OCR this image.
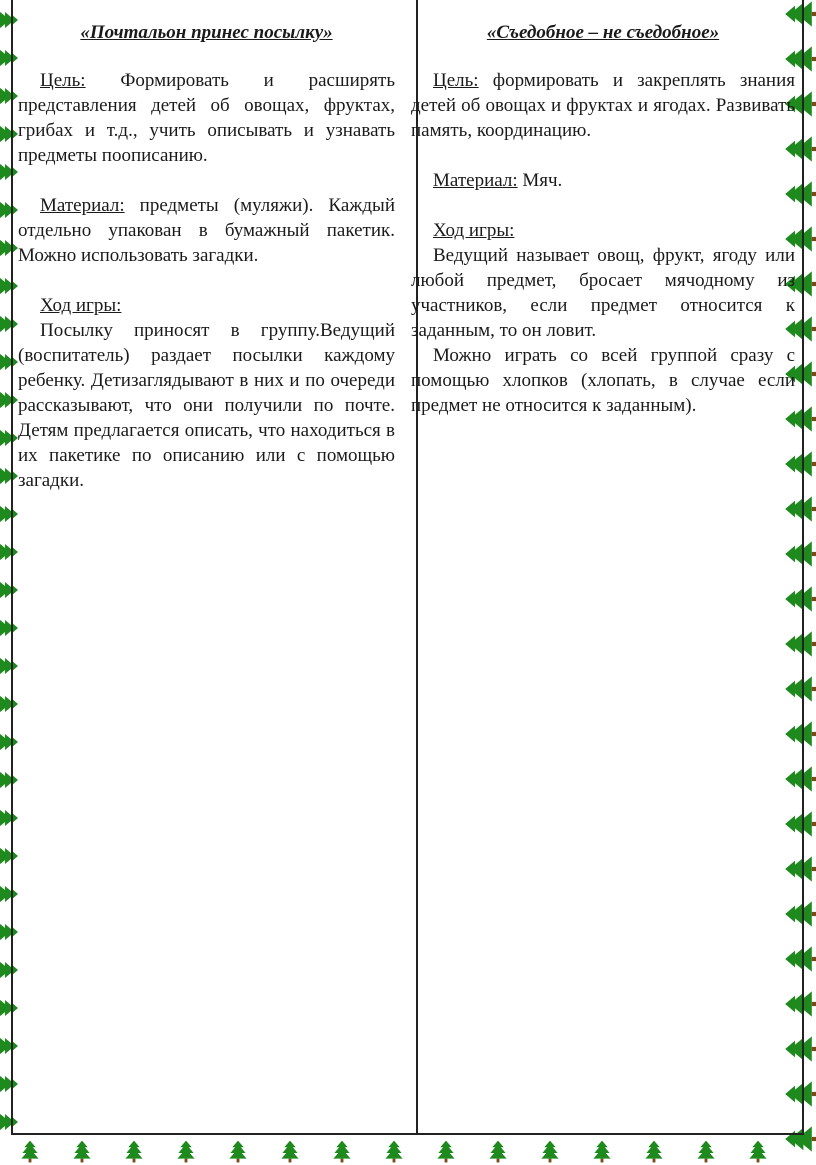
«Почтальон принес посылку»

Цель: Формировать и расширять представления детей об овощах, фруктах, грибах и т.д., учить описывать и узнавать предметы поописанию.

Материал: предметы (муляжи). Каждый отдельно упакован в бумажный пакетик. Можно использовать загадки.

Ход игры:

Посылку приносят в группу.Ведущий (воспитатель) раздает посылки каждому ребенку. Детизаглядывают в них и по очереди рассказывают, что они получили по почте. Детям предлагается описать, что находиться в их пакетике по описанию или с помощью загадки.

«Съедобное – не съедобное»

Цель: формировать и закреплять знания детей об овощах и фруктах и ягодах. Развивать память, координацию.

Материал: Мяч.

Ход игры:

Ведущий называет овощ, фрукт, ягоду или любой предмет, бросает мячодному из участников, если предмет относится к заданным, то он ловит.

Можно играть со всей группой сразу с помощью хлопков (хлопать, в случае если предмет не относится к заданным).
